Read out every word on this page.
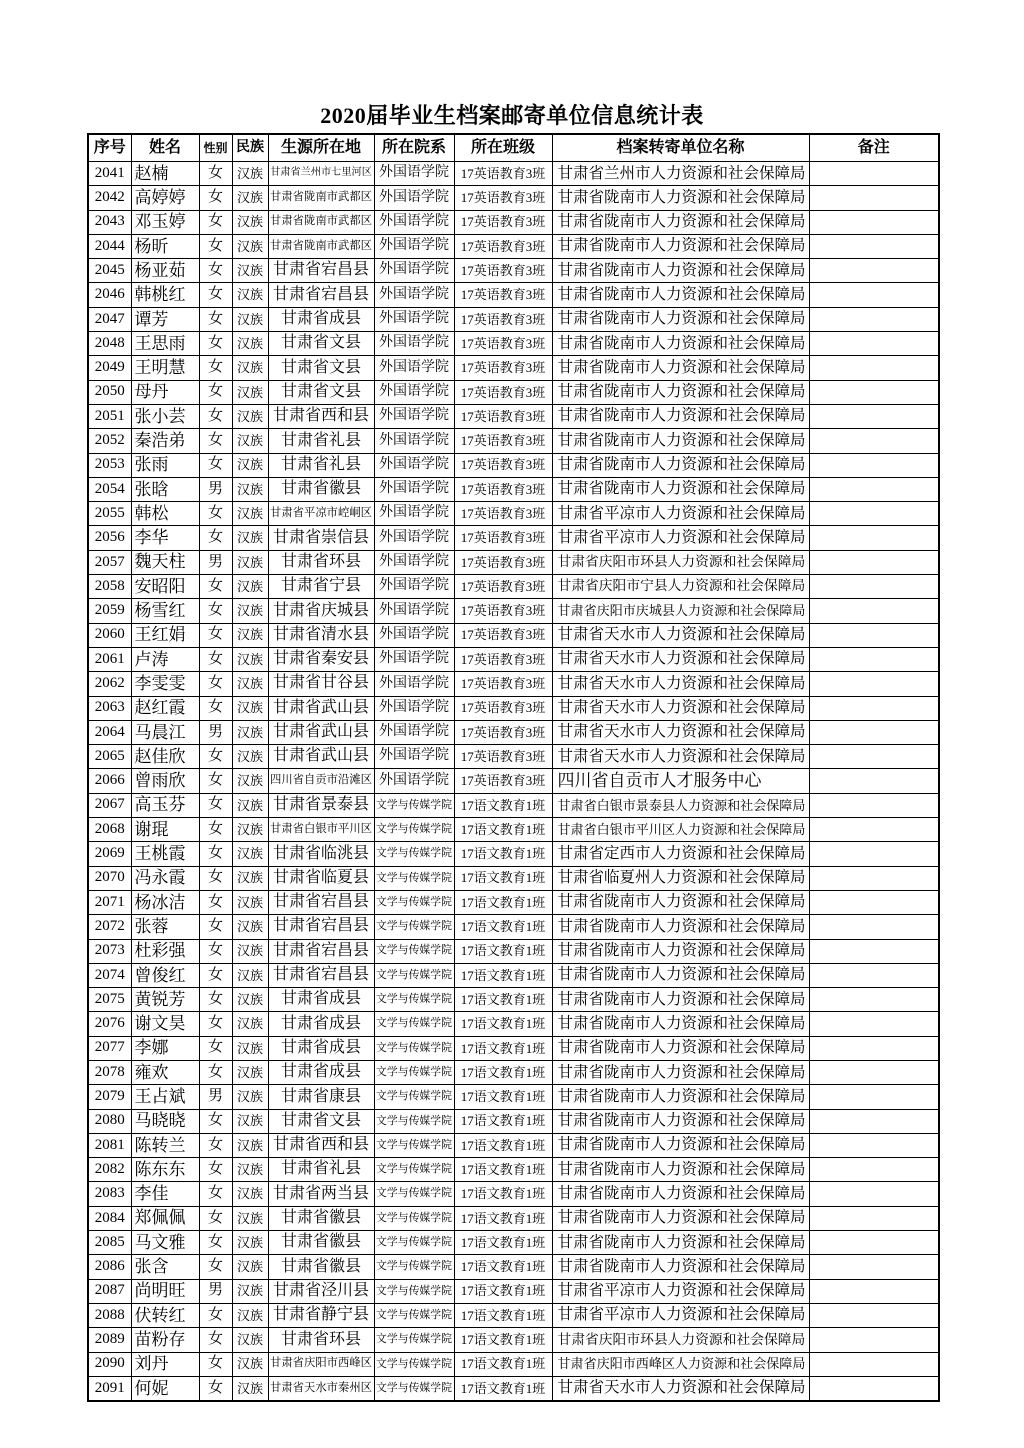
2020届毕业生档案邮寄单位信息统计表
序号	姓名	性别	民族	生源所在地	所在院系	所在班级	档案转寄单位名称	备注
2041	赵楠	女	汉族	甘肃省兰州市七里河区	外国语学院	17英语教育3班	甘肃省兰州市人力资源和社会保障局	
2042	高婷婷	女	汉族	甘肃省陇南市武都区	外国语学院	17英语教育3班	甘肃省陇南市人力资源和社会保障局	
2043	邓玉婷	女	汉族	甘肃省陇南市武都区	外国语学院	17英语教育3班	甘肃省陇南市人力资源和社会保障局	
2044	杨昕	女	汉族	甘肃省陇南市武都区	外国语学院	17英语教育3班	甘肃省陇南市人力资源和社会保障局	
2045	杨亚茹	女	汉族	甘肃省宕昌县	外国语学院	17英语教育3班	甘肃省陇南市人力资源和社会保障局	
2046	韩桃红	女	汉族	甘肃省宕昌县	外国语学院	17英语教育3班	甘肃省陇南市人力资源和社会保障局	
2047	谭芳	女	汉族	甘肃省成县	外国语学院	17英语教育3班	甘肃省陇南市人力资源和社会保障局	
2048	王思雨	女	汉族	甘肃省文县	外国语学院	17英语教育3班	甘肃省陇南市人力资源和社会保障局	
2049	王明慧	女	汉族	甘肃省文县	外国语学院	17英语教育3班	甘肃省陇南市人力资源和社会保障局	
2050	母丹	女	汉族	甘肃省文县	外国语学院	17英语教育3班	甘肃省陇南市人力资源和社会保障局	
2051	张小芸	女	汉族	甘肃省西和县	外国语学院	17英语教育3班	甘肃省陇南市人力资源和社会保障局	
2052	秦浩弟	女	汉族	甘肃省礼县	外国语学院	17英语教育3班	甘肃省陇南市人力资源和社会保障局	
2053	张雨	女	汉族	甘肃省礼县	外国语学院	17英语教育3班	甘肃省陇南市人力资源和社会保障局	
2054	张晗	男	汉族	甘肃省徽县	外国语学院	17英语教育3班	甘肃省陇南市人力资源和社会保障局	
2055	韩松	女	汉族	甘肃省平凉市崆峒区	外国语学院	17英语教育3班	甘肃省平凉市人力资源和社会保障局	
2056	李华	女	汉族	甘肃省崇信县	外国语学院	17英语教育3班	甘肃省平凉市人力资源和社会保障局	
2057	魏天柱	男	汉族	甘肃省环县	外国语学院	17英语教育3班	甘肃省庆阳市环县人力资源和社会保障局	
2058	安昭阳	女	汉族	甘肃省宁县	外国语学院	17英语教育3班	甘肃省庆阳市宁县人力资源和社会保障局	
2059	杨雪红	女	汉族	甘肃省庆城县	外国语学院	17英语教育3班	甘肃省庆阳市庆城县人力资源和社会保障局	
2060	王红娟	女	汉族	甘肃省清水县	外国语学院	17英语教育3班	甘肃省天水市人力资源和社会保障局	
2061	卢涛	女	汉族	甘肃省秦安县	外国语学院	17英语教育3班	甘肃省天水市人力资源和社会保障局	
2062	李雯雯	女	汉族	甘肃省甘谷县	外国语学院	17英语教育3班	甘肃省天水市人力资源和社会保障局	
2063	赵红霞	女	汉族	甘肃省武山县	外国语学院	17英语教育3班	甘肃省天水市人力资源和社会保障局	
2064	马晨江	男	汉族	甘肃省武山县	外国语学院	17英语教育3班	甘肃省天水市人力资源和社会保障局	
2065	赵佳欣	女	汉族	甘肃省武山县	外国语学院	17英语教育3班	甘肃省天水市人力资源和社会保障局	
2066	曾雨欣	女	汉族	四川省自贡市沿滩区	外国语学院	17英语教育3班	四川省自贡市人才服务中心	
2067	高玉芬	女	汉族	甘肃省景泰县	文学与传媒学院	17语文教育1班	甘肃省白银市景泰县人力资源和社会保障局	
2068	谢琨	女	汉族	甘肃省白银市平川区	文学与传媒学院	17语文教育1班	甘肃省白银市平川区人力资源和社会保障局	
2069	王桃霞	女	汉族	甘肃省临洮县	文学与传媒学院	17语文教育1班	甘肃省定西市人力资源和社会保障局	
2070	冯永霞	女	汉族	甘肃省临夏县	文学与传媒学院	17语文教育1班	甘肃省临夏州人力资源和社会保障局	
2071	杨冰洁	女	汉族	甘肃省宕昌县	文学与传媒学院	17语文教育1班	甘肃省陇南市人力资源和社会保障局	
2072	张蓉	女	汉族	甘肃省宕昌县	文学与传媒学院	17语文教育1班	甘肃省陇南市人力资源和社会保障局	
2073	杜彩强	女	汉族	甘肃省宕昌县	文学与传媒学院	17语文教育1班	甘肃省陇南市人力资源和社会保障局	
2074	曾俊红	女	汉族	甘肃省宕昌县	文学与传媒学院	17语文教育1班	甘肃省陇南市人力资源和社会保障局	
2075	黄锐芳	女	汉族	甘肃省成县	文学与传媒学院	17语文教育1班	甘肃省陇南市人力资源和社会保障局	
2076	谢文昊	女	汉族	甘肃省成县	文学与传媒学院	17语文教育1班	甘肃省陇南市人力资源和社会保障局	
2077	李娜	女	汉族	甘肃省成县	文学与传媒学院	17语文教育1班	甘肃省陇南市人力资源和社会保障局	
2078	雍欢	女	汉族	甘肃省成县	文学与传媒学院	17语文教育1班	甘肃省陇南市人力资源和社会保障局	
2079	王占斌	男	汉族	甘肃省康县	文学与传媒学院	17语文教育1班	甘肃省陇南市人力资源和社会保障局	
2080	马晓晓	女	汉族	甘肃省文县	文学与传媒学院	17语文教育1班	甘肃省陇南市人力资源和社会保障局	
2081	陈转兰	女	汉族	甘肃省西和县	文学与传媒学院	17语文教育1班	甘肃省陇南市人力资源和社会保障局	
2082	陈东东	女	汉族	甘肃省礼县	文学与传媒学院	17语文教育1班	甘肃省陇南市人力资源和社会保障局	
2083	李佳	女	汉族	甘肃省两当县	文学与传媒学院	17语文教育1班	甘肃省陇南市人力资源和社会保障局	
2084	郑佩佩	女	汉族	甘肃省徽县	文学与传媒学院	17语文教育1班	甘肃省陇南市人力资源和社会保障局	
2085	马文雅	女	汉族	甘肃省徽县	文学与传媒学院	17语文教育1班	甘肃省陇南市人力资源和社会保障局	
2086	张含	女	汉族	甘肃省徽县	文学与传媒学院	17语文教育1班	甘肃省陇南市人力资源和社会保障局	
2087	尚明旺	男	汉族	甘肃省泾川县	文学与传媒学院	17语文教育1班	甘肃省平凉市人力资源和社会保障局	
2088	伏转红	女	汉族	甘肃省静宁县	文学与传媒学院	17语文教育1班	甘肃省平凉市人力资源和社会保障局	
2089	苗粉存	女	汉族	甘肃省环县	文学与传媒学院	17语文教育1班	甘肃省庆阳市环县人力资源和社会保障局	
2090	刘丹	女	汉族	甘肃省庆阳市西峰区	文学与传媒学院	17语文教育1班	甘肃省庆阳市西峰区人力资源和社会保障局	
2091	何妮	女	汉族	甘肃省天水市秦州区	文学与传媒学院	17语文教育1班	甘肃省天水市人力资源和社会保障局	
